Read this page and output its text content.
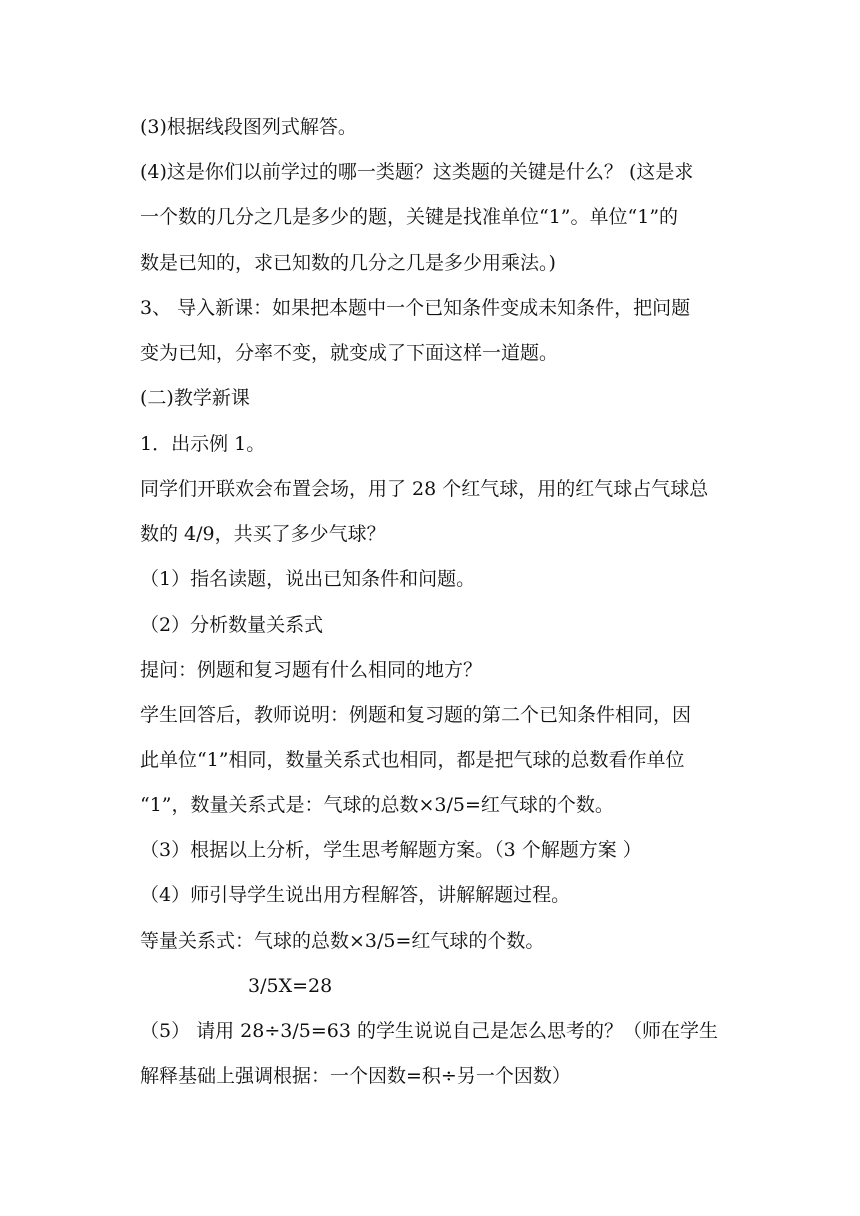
(3)根据线段图列式解答。
(4)这是你们以前学过的哪一类题？这类题的关键是什么？ (这是求
一个数的几分之几是多少的题，关键是找准单位“1”。单位“1”的
数是已知的，求已知数的几分之几是多少用乘法。)
3、 导入新课：如果把本题中一个已知条件变成未知条件，把问题
变为已知，分率不变，就变成了下面这样一道题。
(二)教学新课
1．出示例 1。
同学们开联欢会布置会场，用了 28 个红气球，用的红气球占气球总
数的 4/9，共买了多少气球？
（1）指名读题，说出已知条件和问题。
（2）分析数量关系式
提问：例题和复习题有什么相同的地方？
学生回答后，教师说明：例题和复习题的第二个已知条件相同，因
此单位“1”相同，数量关系式也相同，都是把气球的总数看作单位
“1”，数量关系式是：气球的总数×3/5=红气球的个数。
（3）根据以上分析，学生思考解题方案。（3 个解题方案 ）
（4）师引导学生说出用方程解答，讲解解题过程。
等量关系式：气球的总数×3/5=红气球的个数。
3/5X=28
（5） 请用 28÷3/5=63 的学生说说自己是怎么思考的？（师在学生
解释基础上强调根据：一个因数=积÷另一个因数）
